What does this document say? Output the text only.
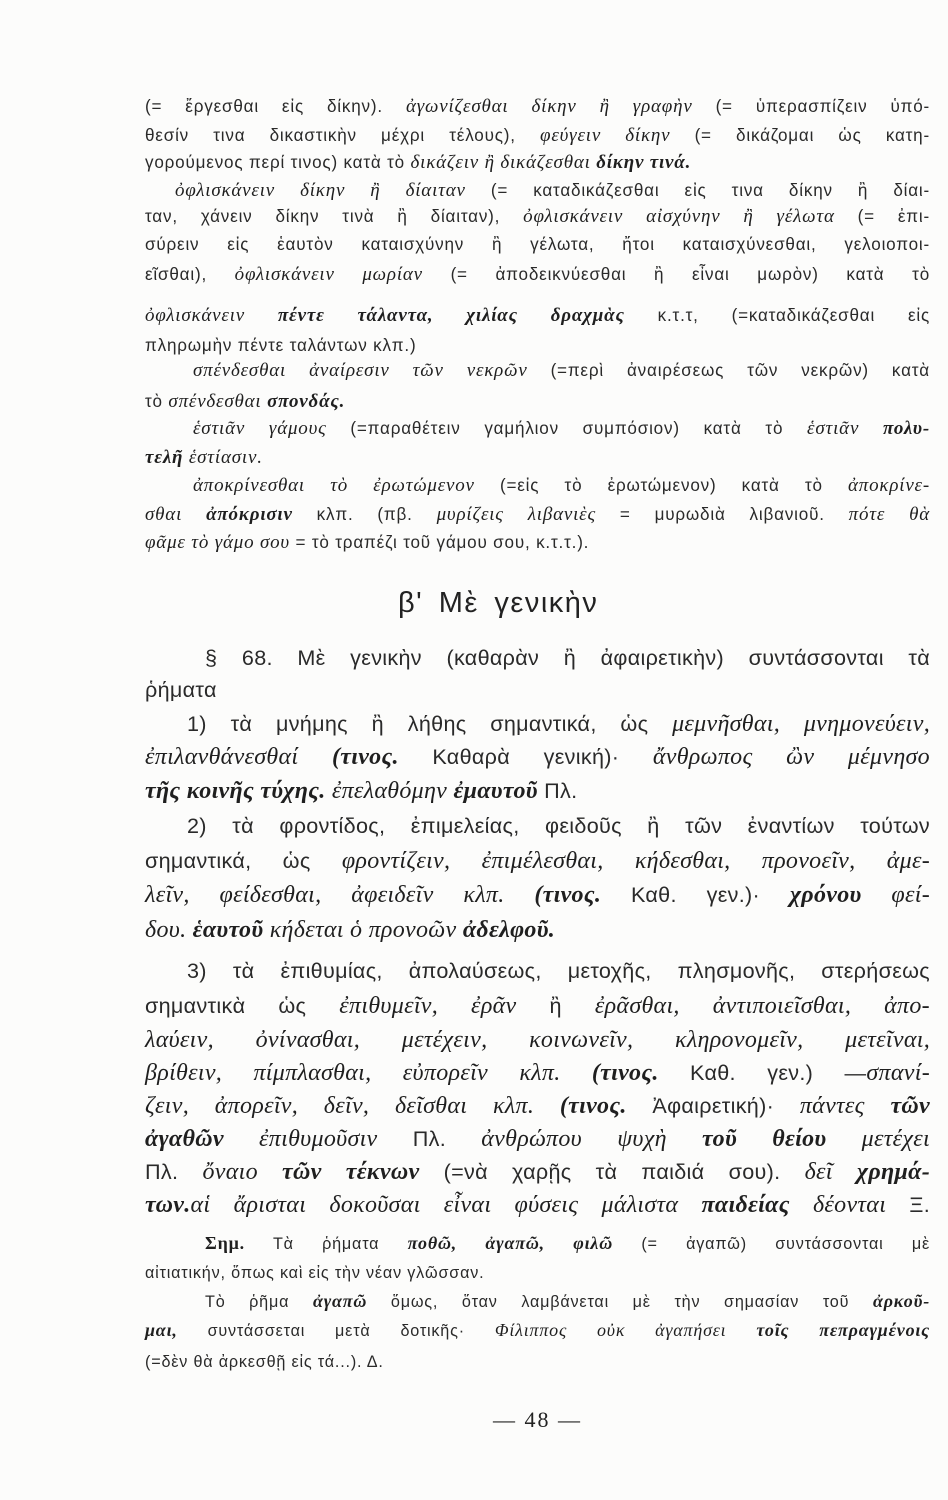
(= ἔργεσθαι εἰς δίκην). ἀγωνίζεσθαι δίκην ἢ γραφὴν (= ὑπερασπίζειν ὑπό-
θεσίν τινα δικαστικὴν μέχρι τέλους), φεύγειν δίκην (= δικάζομαι ὡς κατη-
γορούμενος περί τινος) κατὰ τὸ δικάζειν ἢ δικάζεσθαι δίκην τινά.
ὀφλισκάνειν δίκην ἢ δίαιταν (= καταδικάζεσθαι εἰς τινα δίκην ἢ δίαι-
ταν, χάνειν δίκην τινὰ ἢ δίαιταν), ὀφλισκάνειν αἰσχύνην ἢ γέλωτα (= ἐπι-
σύρειν εἰς ἑαυτὸν καταισχύνην ἢ γέλωτα, ἤτοι καταισχύνεσθαι, γελοιοποι-
εῖσθαι), ὀφλισκάνειν μωρίαν (= ἀποδεικνύεσθαι ἢ εἶναι μωρὸν) κατὰ τὸ
ὀφλισκάνειν πέντε τάλαντα, χιλίας δραχμὰς κ.τ.τ, (=καταδικάζεσθαι εἰς
πληρωμὴν πέντε ταλάντων κλπ.)
σπένδεσθαι ἀναίρεσιν τῶν νεκρῶν (=περὶ ἀναιρέσεως τῶν νεκρῶν) κατὰ
τὸ σπένδεσθαι σπονδάς.
ἑστιᾶν γάμους (=παραθέτειν γαμήλιον συμπόσιον) κατὰ τὸ ἑστιᾶν πολυ-
τελῆ ἑστίασιν.
ἀποκρίνεσθαι τὸ ἐρωτώμενον (=εἰς τὸ ἐρωτώμενον) κατὰ τὸ ἀποκρίνε-
σθαι ἀπόκρισιν κλπ. (πβ. μυρίζεις λιβανιὲς = μυρωδιὰ λιβανιοῦ. πότε θὰ
φᾶμε τὸ γάμο σου = τὸ τραπέζι τοῦ γάμου σου, κ.τ.τ.).
β' Μὲ γενικὴν
§ 68. Μὲ γενικὴν (καθαρὰν ἢ ἀφαιρετικὴν) συντάσσονται τὰ
ῥήματα
1) τὰ μνήμης ἢ λήθης σημαντικά, ὡς μεμνῆσθαι, μνημονεύειν,
ἐπιλανθάνεσθαί (τινος. Καθαρὰ γενική)· ἄνθρωπος ὢν μέμνησο
τῆς κοινῆς τύχης. ἐπελαθόμην ἐμαυτοῦ Πλ.
2) τὰ φροντίδος, ἐπιμελείας, φειδοῦς ἢ τῶν ἐναντίων τούτων
σημαντικά, ὡς φροντίζειν, ἐπιμέλεσθαι, κήδεσθαι, προνοεῖν, ἀμε-
λεῖν, φείδεσθαι, ἀφειδεῖν κλπ. (τινος. Καθ. γεν.)· χρόνου φεί-
δου. ἑαυτοῦ κήδεται ὁ προνοῶν ἀδελφοῦ.
3) τὰ ἐπιθυμίας, ἀπολαύσεως, μετοχῆς, πλησμονῆς, στερήσεως
σημαντικὰ ὡς ἐπιθυμεῖν, ἐρᾶν ἢ ἐρᾶσθαι, ἀντιποιεῖσθαι, ἀπο-
λαύειν, ὀνίνασθαι, μετέχειν, κοινωνεῖν, κληρονομεῖν, μετεῖναι,
βρίθειν, πίμπλασθαι, εὐπορεῖν κλπ. (τινος. Καθ. γεν.) —σπανί-
ζειν, ἀπορεῖν, δεῖν, δεῖσθαι κλπ. (τινος. Ἀφαιρετική)· πάντες τῶν
ἀγαθῶν ἐπιθυμοῦσιν Πλ. ἀνθρώπου ψυχὴ τοῦ θείου μετέχει
Πλ. ὄναιο τῶν τέκνων (=νὰ χαρῇς τὰ παιδιά σου). δεῖ χρημά-
των.αἱ ἄρισται δοκοῦσαι εἶναι φύσεις μάλιστα παιδείας δέονται Ξ.
Σημ. Τὰ ῥήματα ποθῶ, ἀγαπῶ, φιλῶ (= ἀγαπῶ) συντάσσονται μὲ
αἰτιατικήν, ὅπως καὶ εἰς τὴν νέαν γλῶσσαν.
Τὸ ῥῆμα ἀγαπῶ ὅμως, ὅταν λαμβάνεται μὲ τὴν σημασίαν τοῦ ἀρκοῦ-
μαι, συντάσσεται μετὰ δοτικῆς· Φίλιππος οὐκ ἀγαπήσει τοῖς πεπραγμένοις
(=δὲν θὰ ἀρκεσθῇ εἰς τά...). Δ.
— 48 —
